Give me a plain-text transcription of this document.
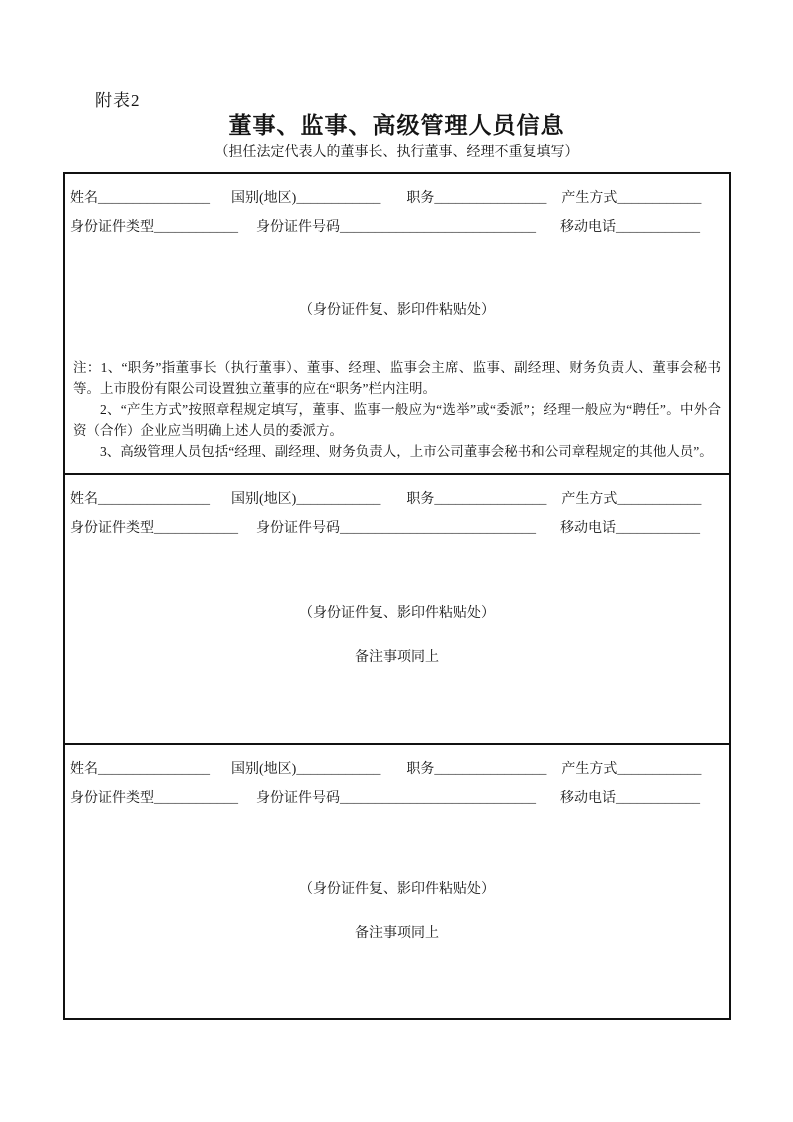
附表2
董事、监事、高级管理人员信息
（担任法定代表人的董事长、执行董事、经理不重复填写）
姓名________________ 国别(地区)____________ 职务________________ 产生方式____________
身份证件类型____________ 身份证件号码____________________________ 移动电话____________
（身份证件复、影印件粘贴处）

注：1、“职务”指董事长（执行董事）、董事、经理、监事会主席、监事、副经理、财务负责人、董事会秘书等。上市股份有限公司设置独立董事的应在“职务”栏内注明。

2、“产生方式”按照章程规定填写，董事、监事一般应为“选举”或“委派”；经理一般应为“聘任”。中外合资（合作）企业应当明确上述人员的委派方。

3、高级管理人员包括“经理、副经理、财务负责人，上市公司董事会秘书和公司章程规定的其他人员”。

姓名________________ 国别(地区)____________ 职务________________ 产生方式____________
身份证件类型____________ 身份证件号码____________________________ 移动电话____________
（身份证件复、影印件粘贴处）
备注事项同上
姓名________________ 国别(地区)____________ 职务________________ 产生方式____________
身份证件类型____________ 身份证件号码____________________________ 移动电话____________
（身份证件复、影印件粘贴处）
备注事项同上
